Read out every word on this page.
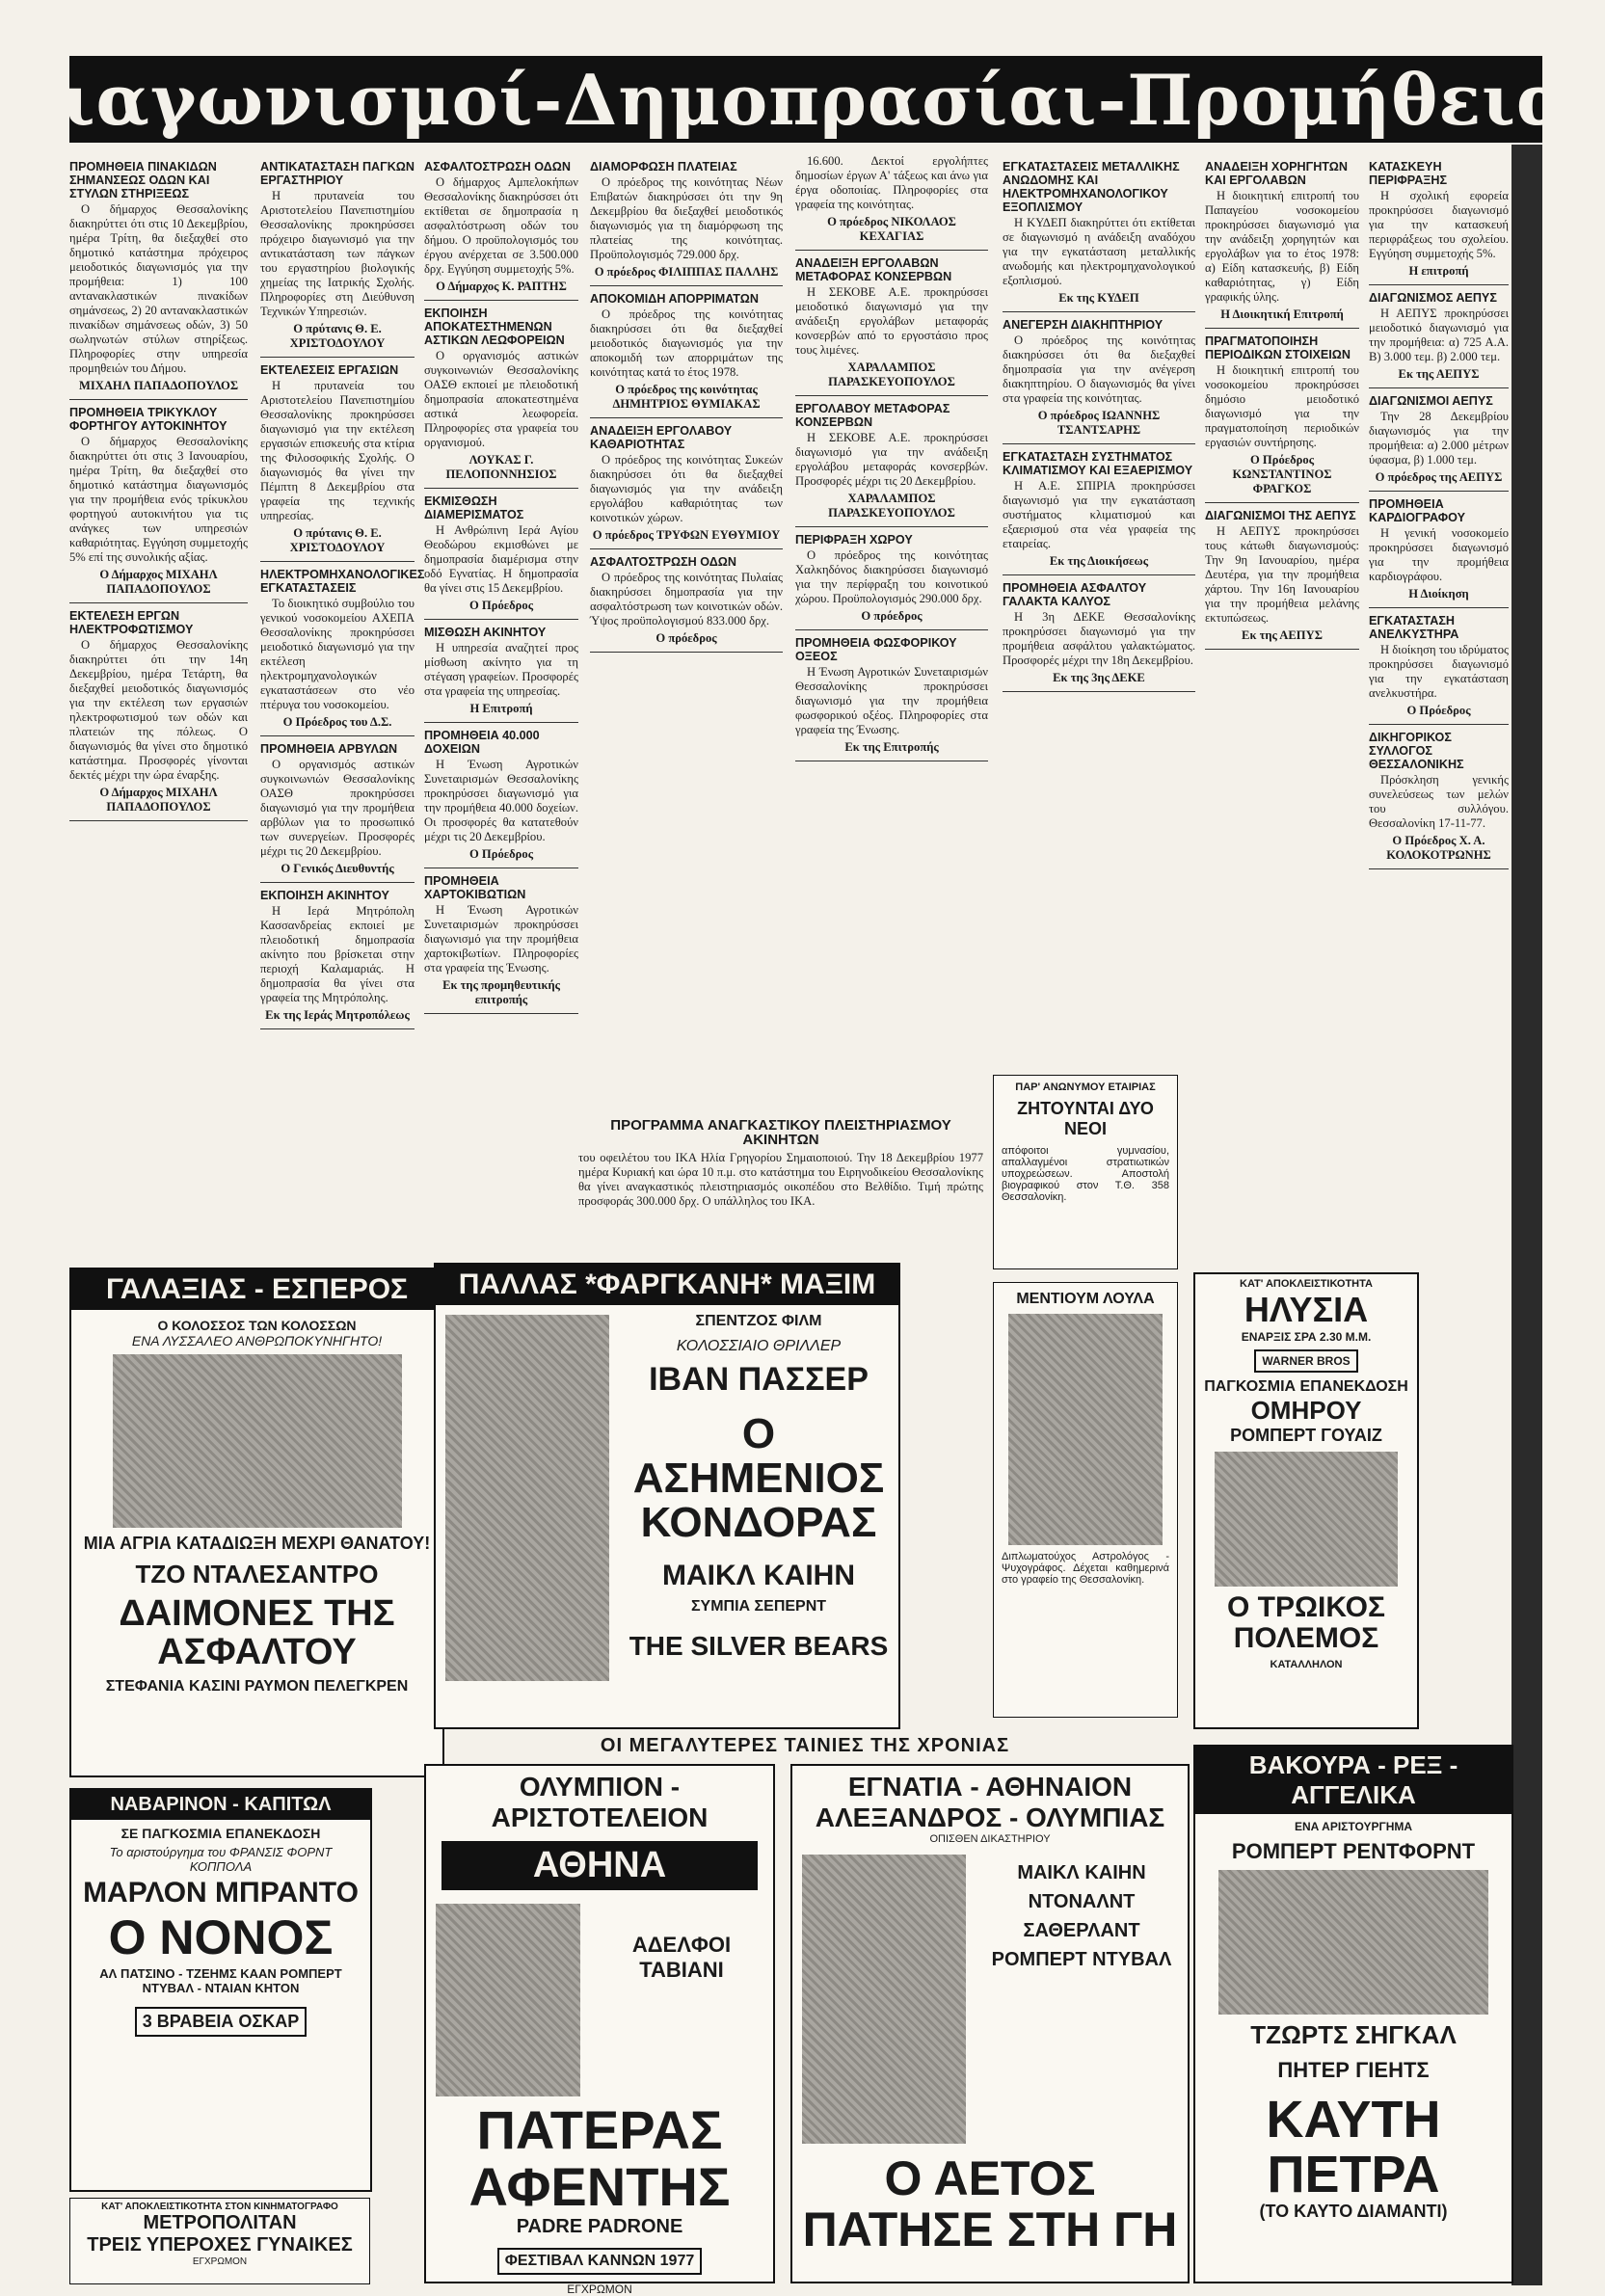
Διαγωνισμοί-Δημοπρασίαι-Προμήθειαι
ΠΡΟΜΗΘΕΙΑ ΠΙΝΑΚΙΔΩΝ ΣΗΜΑΝΣΕΩΣ ΟΔΩΝ ΚΑΙ ΣΤΥΛΩΝ ΣΤΗΡΙΞΕΩΣ

Ο δήμαρχος Θεσσαλονίκης διακηρύττει ότι στις 10 Δεκεμβρίου, ημέρα Τρίτη, θα διεξαχθεί στο δημοτικό κατάστημα πρόχειρος μειοδοτικός διαγωνισμός για την προμήθεια: 1) 100 αντανακλαστικών πινακίδων σημάνσεως, 2) 20 αντανακλαστικών πινακίδων σημάνσεως οδών, 3) 50 σωληνωτών στύλων στηρίξεως. Πληροφορίες στην υπηρεσία προμηθειών του Δήμου.

ΜΙΧΑΗΛ ΠΑΠΑΔΟΠΟΥΛΟΣ

ΠΡΟΜΗΘΕΙΑ ΤΡΙΚΥΚΛΟΥ ΦΟΡΤΗΓΟΥ ΑΥΤΟΚΙΝΗΤΟΥ

Ο δήμαρχος Θεσσαλονίκης διακηρύττει ότι στις 3 Ιανουαρίου, ημέρα Τρίτη, θα διεξαχθεί στο δημοτικό κατάστημα διαγωνισμός για την προμήθεια ενός τρίκυκλου φορτηγού αυτοκινήτου για τις ανάγκες των υπηρεσιών καθαριότητας. Εγγύηση συμμετοχής 5% επί της συνολικής αξίας.

Ο Δήμαρχος ΜΙΧΑΗΛ ΠΑΠΑΔΟΠΟΥΛΟΣ

ΕΚΤΕΛΕΣΗ ΕΡΓΩΝ ΗΛΕΚΤΡΟΦΩΤΙΣΜΟΥ

Ο δήμαρχος Θεσσαλονίκης διακηρύττει ότι την 14η Δεκεμβρίου, ημέρα Τετάρτη, θα διεξαχθεί μειοδοτικός διαγωνισμός για την εκτέλεση των εργασιών ηλεκτροφωτισμού των οδών και πλατειών της πόλεως. Ο διαγωνισμός θα γίνει στο δημοτικό κατάστημα. Προσφορές γίνονται δεκτές μέχρι την ώρα έναρξης.

Ο Δήμαρχος ΜΙΧΑΗΛ ΠΑΠΑΔΟΠΟΥΛΟΣ

ΑΝΤΙΚΑΤΑΣΤΑΣΗ ΠΑΓΚΩΝ ΕΡΓΑΣΤΗΡΙΟΥ

Η πρυτανεία του Αριστοτελείου Πανεπιστημίου Θεσσαλονίκης προκηρύσσει πρόχειρο διαγωνισμό για την αντικατάσταση των πάγκων του εργαστηρίου βιολογικής χημείας της Ιατρικής Σχολής. Πληροφορίες στη Διεύθυνση Τεχνικών Υπηρεσιών.

Ο πρύτανις Θ. Ε. ΧΡΙΣΤΟΔΟΥΛΟΥ

ΕΚΤΕΛΕΣΕΙΣ ΕΡΓΑΣΙΩΝ

Η πρυτανεία του Αριστοτελείου Πανεπιστημίου Θεσσαλονίκης προκηρύσσει διαγωνισμό για την εκτέλεση εργασιών επισκευής στα κτίρια της Φιλοσοφικής Σχολής. Ο διαγωνισμός θα γίνει την Πέμπτη 8 Δεκεμβρίου στα γραφεία της τεχνικής υπηρεσίας.

Ο πρύτανις Θ. Ε. ΧΡΙΣΤΟΔΟΥΛΟΥ

ΗΛΕΚΤΡΟΜΗΧΑΝΟΛΟΓΙΚΕΣ ΕΓΚΑΤΑΣΤΑΣΕΙΣ

Το διοικητικό συμβούλιο του γενικού νοσοκομείου ΑΧΕΠΑ Θεσσαλονίκης προκηρύσσει μειοδοτικό διαγωνισμό για την εκτέλεση ηλεκτρομηχανολογικών εγκαταστάσεων στο νέο πτέρυγα του νοσοκομείου.

Ο Πρόεδρος του Δ.Σ.

ΠΡΟΜΗΘΕΙΑ ΑΡΒΥΛΩΝ

Ο οργανισμός αστικών συγκοινωνιών Θεσσαλονίκης ΟΑΣΘ προκηρύσσει διαγωνισμό για την προμήθεια αρβύλων για το προσωπικό των συνεργείων. Προσφορές μέχρι τις 20 Δεκεμβρίου.

Ο Γενικός Διευθυντής

ΕΚΠΟΙΗΣΗ ΑΚΙΝΗΤΟΥ

Η Ιερά Μητρόπολη Κασσανδρείας εκποιεί με πλειοδοτική δημοπρασία ακίνητο που βρίσκεται στην περιοχή Καλαμαριάς. Η δημοπρασία θα γίνει στα γραφεία της Μητρόπολης.

Εκ της Ιεράς Μητροπόλεως

ΑΣΦΑΛΤΟΣΤΡΩΣΗ ΟΔΩΝ

Ο δήμαρχος Αμπελοκήπων Θεσσαλονίκης διακηρύσσει ότι εκτίθεται σε δημοπρασία η ασφαλτόστρωση οδών του δήμου. Ο προϋπολογισμός του έργου ανέρχεται σε 3.500.000 δρχ. Εγγύηση συμμετοχής 5%.

Ο Δήμαρχος Κ. ΡΑΠΤΗΣ

ΕΚΠΟΙΗΣΗ ΑΠΟΚΑΤΕΣΤΗΜΕΝΩΝ ΑΣΤΙΚΩΝ ΛΕΩΦΟΡΕΙΩΝ

Ο οργανισμός αστικών συγκοινωνιών Θεσσαλονίκης ΟΑΣΘ εκποιεί με πλειοδοτική δημοπρασία αποκατεστημένα αστικά λεωφορεία. Πληροφορίες στα γραφεία του οργανισμού.

ΛΟΥΚΑΣ Γ. ΠΕΛΟΠΟΝΝΗΣΙΟΣ

ΕΚΜΙΣΘΩΣΗ ΔΙΑΜΕΡΙΣΜΑΤΟΣ

Η Ανθρώπινη Ιερά Αγίου Θεοδώρου εκμισθώνει με δημοπρασία διαμέρισμα στην οδό Εγνατίας. Η δημοπρασία θα γίνει στις 15 Δεκεμβρίου.

Ο Πρόεδρος

ΜΙΣΘΩΣΗ ΑΚΙΝΗΤΟΥ

Η υπηρεσία αναζητεί προς μίσθωση ακίνητο για τη στέγαση γραφείων. Προσφορές στα γραφεία της υπηρεσίας.

Η Επιτροπή

ΠΡΟΜΗΘΕΙΑ 40.000 ΔΟΧΕΙΩΝ

Η Ένωση Αγροτικών Συνεταιρισμών Θεσσαλονίκης προκηρύσσει διαγωνισμό για την προμήθεια 40.000 δοχείων. Οι προσφορές θα κατατεθούν μέχρι τις 20 Δεκεμβρίου.

Ο Πρόεδρος

ΠΡΟΜΗΘΕΙΑ ΧΑΡΤΟΚΙΒΩΤΙΩΝ

Η Ένωση Αγροτικών Συνεταιρισμών προκηρύσσει διαγωνισμό για την προμήθεια χαρτοκιβωτίων. Πληροφορίες στα γραφεία της Ένωσης.

Εκ της προμηθευτικής επιτροπής

ΔΙΑΜΟΡΦΩΣΗ ΠΛΑΤΕΙΑΣ

Ο πρόεδρος της κοινότητας Νέων Επιβατών διακηρύσσει ότι την 9η Δεκεμβρίου θα διεξαχθεί μειοδοτικός διαγωνισμός για τη διαμόρφωση της πλατείας της κοινότητας. Προϋπολογισμός 729.000 δρχ.

Ο πρόεδρος ΦΙΛΙΠΠΑΣ ΠΑΛΛΗΣ

ΑΠΟΚΟΜΙΔΗ ΑΠΟΡΡΙΜΑΤΩΝ

Ο πρόεδρος της κοινότητας διακηρύσσει ότι θα διεξαχθεί μειοδοτικός διαγωνισμός για την αποκομιδή των απορριμάτων της κοινότητας κατά το έτος 1978.

Ο πρόεδρος της κοινότητας ΔΗΜΗΤΡΙΟΣ ΘΥΜΙΑΚΑΣ

ΑΝΑΔΕΙΞΗ ΕΡΓΟΛΑΒΟΥ ΚΑΘΑΡΙΟΤΗΤΑΣ

Ο πρόεδρος της κοινότητας Συκεών διακηρύσσει ότι θα διεξαχθεί διαγωνισμός για την ανάδειξη εργολάβου καθαριότητας των κοινοτικών χώρων.

Ο πρόεδρος ΤΡΥΦΩΝ ΕΥΘΥΜΙΟΥ

ΑΣΦΑΛΤΟΣΤΡΩΣΗ ΟΔΩΝ

Ο πρόεδρος της κοινότητας Πυλαίας διακηρύσσει δημοπρασία για την ασφαλτόστρωση των κοινοτικών οδών. Ύψος προϋπολογισμού 833.000 δρχ.

Ο πρόεδρος

16.600. Δεκτοί εργολήπτες δημοσίων έργων Α' τάξεως και άνω για έργα οδοποιίας. Πληροφορίες στα γραφεία της κοινότητας.

Ο πρόεδρος ΝΙΚΟΛΑΟΣ ΚΕΧΑΓΙΑΣ

ΑΝΑΔΕΙΞΗ ΕΡΓΟΛΑΒΩΝ ΜΕΤΑΦΟΡΑΣ ΚΟΝΣΕΡΒΩΝ

Η ΣΕΚΟΒΕ Α.Ε. προκηρύσσει μειοδοτικό διαγωνισμό για την ανάδειξη εργολάβων μεταφοράς κονσερβών από το εργοστάσιο προς τους λιμένες.

ΧΑΡΑΛΑΜΠΟΣ ΠΑΡΑΣΚΕΥΟΠΟΥΛΟΣ

ΕΡΓΟΛΑΒΟΥ ΜΕΤΑΦΟΡΑΣ ΚΟΝΣΕΡΒΩΝ

Η ΣΕΚΟΒΕ Α.Ε. προκηρύσσει διαγωνισμό για την ανάδειξη εργολάβου μεταφοράς κονσερβών. Προσφορές μέχρι τις 20 Δεκεμβρίου.

ΧΑΡΑΛΑΜΠΟΣ ΠΑΡΑΣΚΕΥΟΠΟΥΛΟΣ

ΠΕΡΙΦΡΑΞΗ ΧΩΡΟΥ

Ο πρόεδρος της κοινότητας Χαλκηδόνος διακηρύσσει διαγωνισμό για την περίφραξη του κοινοτικού χώρου. Προϋπολογισμός 290.000 δρχ.

Ο πρόεδρος

ΠΡΟΜΗΘΕΙΑ ΦΩΣΦΟΡΙΚΟΥ ΟΞΕΟΣ

Η Ένωση Αγροτικών Συνεταιρισμών Θεσσαλονίκης προκηρύσσει διαγωνισμό για την προμήθεια φωσφορικού οξέος. Πληροφορίες στα γραφεία της Ένωσης.

Εκ της Επιτροπής

ΕΓΚΑΤΑΣΤΑΣΕΙΣ ΜΕΤΑΛΛΙΚΗΣ ΑΝΩΔΟΜΗΣ ΚΑΙ ΗΛΕΚΤΡΟΜΗΧΑΝΟΛΟΓΙΚΟΥ ΕΞΟΠΛΙΣΜΟΥ

Η ΚΥΔΕΠ διακηρύττει ότι εκτίθεται σε διαγωνισμό η ανάδειξη αναδόχου για την εγκατάσταση μεταλλικής ανωδομής και ηλεκτρομηχανολογικού εξοπλισμού.

Εκ της ΚΥΔΕΠ

ΑΝΕΓΕΡΣΗ ΔΙΑΚΗΠΤΗΡΙΟΥ

Ο πρόεδρος της κοινότητας διακηρύσσει ότι θα διεξαχθεί δημοπρασία για την ανέγερση διακηπτηρίου. Ο διαγωνισμός θα γίνει στα γραφεία της κοινότητας.

Ο πρόεδρος ΙΩΑΝΝΗΣ ΤΣΑΝΤΣΑΡΗΣ

ΕΓΚΑΤΑΣΤΑΣΗ ΣΥΣΤΗΜΑΤΟΣ ΚΛΙΜΑΤΙΣΜΟΥ ΚΑΙ ΕΞΑΕΡΙΣΜΟΥ

Η Α.Ε. ΣΠΙΡΙΑ προκηρύσσει διαγωνισμό για την εγκατάσταση συστήματος κλιματισμού και εξαερισμού στα νέα γραφεία της εταιρείας.

Εκ της Διοικήσεως

ΠΡΟΜΗΘΕΙΑ ΑΣΦΑΛΤΟΥ ΓΑΛΑΚΤΑ ΚΑΛΥΟΣ

Η 3η ΔΕΚΕ Θεσσαλονίκης προκηρύσσει διαγωνισμό για την προμήθεια ασφάλτου γαλακτώματος. Προσφορές μέχρι την 18η Δεκεμβρίου.

Εκ της 3ης ΔΕΚΕ

ΑΝΑΔΕΙΞΗ ΧΟΡΗΓΗΤΩΝ ΚΑΙ ΕΡΓΟΛΑΒΩΝ

Η διοικητική επιτροπή του Παπαγείου νοσοκομείου προκηρύσσει διαγωνισμό για την ανάδειξη χορηγητών και εργολάβων για το έτος 1978: α) Είδη κατασκευής, β) Είδη καθαριότητας, γ) Είδη γραφικής ύλης.

Η Διοικητική Επιτροπή

ΠΡΑΓΜΑΤΟΠΟΙΗΣΗ ΠΕΡΙΟΔΙΚΩΝ ΣΤΟΙΧΕΙΩΝ

Η διοικητική επιτροπή του νοσοκομείου προκηρύσσει δημόσιο μειοδοτικό διαγωνισμό για την πραγματοποίηση περιοδικών εργασιών συντήρησης.

Ο Πρόεδρος ΚΩΝΣΤΑΝΤΙΝΟΣ ΦΡΑΓΚΟΣ

ΔΙΑΓΩΝΙΣΜΟΙ ΤΗΣ ΑΕΠΥΣ

Η ΑΕΠΥΣ προκηρύσσει τους κάτωθι διαγωνισμούς: Την 9η Ιανουαρίου, ημέρα Δευτέρα, για την προμήθεια χάρτου. Την 16η Ιανουαρίου για την προμήθεια μελάνης εκτυπώσεως.

Εκ της ΑΕΠΥΣ

ΚΑΤΑΣΚΕΥΗ ΠΕΡΙΦΡΑΞΗΣ

Η σχολική εφορεία προκηρύσσει διαγωνισμό για την κατασκευή περιφράξεως του σχολείου. Εγγύηση συμμετοχής 5%.

Η επιτροπή

ΔΙΑΓΩΝΙΣΜΟΣ ΑΕΠΥΣ

Η ΑΕΠΥΣ προκηρύσσει μειοδοτικό διαγωνισμό για την προμήθεια: α) 725 Α.Α. Β) 3.000 τεμ. β) 2.000 τεμ.

Εκ της ΑΕΠΥΣ

ΔΙΑΓΩΝΙΣΜΟΙ ΑΕΠΥΣ

Την 28 Δεκεμβρίου διαγωνισμός για την προμήθεια: α) 2.000 μέτρων ύφασμα, β) 1.000 τεμ.

Ο πρόεδρος της ΑΕΠΥΣ

ΠΡΟΜΗΘΕΙΑ ΚΑΡΔΙΟΓΡΑΦΟΥ

Η γενική νοσοκομείο προκηρύσσει διαγωνισμό για την προμήθεια καρδιογράφου.

Η Διοίκηση

ΕΓΚΑΤΑΣΤΑΣΗ ΑΝΕΛΚΥΣΤΗΡΑ

Η διοίκηση του ιδρύματος προκηρύσσει διαγωνισμό για την εγκατάσταση ανελκυστήρα.

Ο Πρόεδρος

ΔΙΚΗΓΟΡΙΚΟΣ ΣΥΛΛΟΓΟΣ ΘΕΣΣΑΛΟΝΙΚΗΣ

Πρόσκληση γενικής συνελεύσεως των μελών του συλλόγου. Θεσσαλονίκη 17-11-77.

Ο Πρόεδρος Χ. Α. ΚΟΛΟΚΟΤΡΩΝΗΣ

ΠΡΟΓΡΑΜΜΑ ΑΝΑΓΚΑΣΤΙΚΟΥ ΠΛΕΙΣΤΗΡΙΑΣΜΟΥ ΑΚΙΝΗΤΩΝ
του οφειλέτου του ΙΚΑ Ηλία Γρηγορίου Σημαιοποιού. Την 18 Δεκεμβρίου 1977 ημέρα Κυριακή και ώρα 10 π.μ. στο κατάστημα του Ειρηνοδικείου Θεσσαλονίκης θα γίνει αναγκαστικός πλειστηριασμός οικοπέδου στο Βελθίδιο. Τιμή πρώτης προσφοράς 300.000 δρχ. Ο υπάλληλος του ΙΚΑ.
ΓΑΛΑΞΙΑΣ - ΕΣΠΕΡΟΣ
Ο ΚΟΛΟΣΣΟΣ ΤΩΝ ΚΟΛΟΣΣΩΝ
ΕΝΑ ΛΥΣΣΑΛΕΟ ΑΝΘΡΩΠΟΚΥΝΗΓΗΤΟ!
ΜΙΑ ΑΓΡΙΑ ΚΑΤΑΔΙΩΞΗ ΜΕΧΡΙ ΘΑΝΑΤΟΥ!
ΤΖΟ ΝΤΑΛΕΣΑΝΤΡΟ
ΔΑΙΜΟΝΕΣ ΤΗΣ ΑΣΦΑΛΤΟΥ
ΣΤΕΦΑΝΙΑ ΚΑΣΙΝΙ ΡΑΥΜΟΝ ΠΕΛΕΓΚΡΕΝ
ΝΑΒΑΡΙΝΟΝ - ΚΑΠΙΤΩΛ
ΣΕ ΠΑΓΚΟΣΜΙΑ ΕΠΑΝΕΚΔΟΣΗ
Το αριστούργημα του ΦΡΑΝΣΙΣ ΦΟΡΝΤ ΚΟΠΠΟΛΑ
ΜΑΡΛΟΝ ΜΠΡΑΝΤΟ
Ο ΝΟΝΟΣ
ΑΛ ΠΑΤΣΙΝΟ - ΤΖΕΗΜΣ ΚΑΑΝ ΡΟΜΠΕΡΤ ΝΤΥΒΑΛ - ΝΤΑΙΑΝ ΚΗΤΟΝ
3 ΒΡΑΒΕΙΑ ΟΣΚΑΡ
ΚΑΤ' ΑΠΟΚΛΕΙΣΤΙΚΟΤΗΤΑ ΣΤΟΝ ΚΙΝΗΜΑΤΟΓΡΑΦΟ
ΜΕΤΡΟΠΟΛΙΤΑΝ
ΤΡΕΙΣ ΥΠΕΡΟΧΕΣ ΓΥΝΑΙΚΕΣ
ΕΓΧΡΩΜΟΝ
ΠΑΛΛΑΣ *ΦΑΡΓΚΑΝΗ* ΜΑΞΙΜ
ΣΠΕΝΤΖΟΣ ΦΙΛΜ
ΚΟΛΟΣΣΙΑΙΟ ΘΡΙΛΛΕΡ
ΙΒΑΝ ΠΑΣΣΕΡ
Ο ΑΣΗΜΕΝΙΟΣ ΚΟΝΔΟΡΑΣ
ΜΑΙΚΛ ΚΑΙΗΝ
ΣΥΜΠΙΑ ΣΕΠΕΡΝΤ
THE SILVER BEARS
ΠΑΡ' ΑΝΩΝΥΜΟΥ ΕΤΑΙΡΙΑΣ
ΖΗΤΟΥΝΤΑΙ ΔΥΟ ΝΕΟΙ
απόφοιτοι γυμνασίου, απαλλαγμένοι στρατιωτικών υποχρεώσεων. Αποστολή βιογραφικού στον Τ.Θ. 358 Θεσσαλονίκη.
ΜΕΝΤΙΟΥΜ ΛΟΥΛΑ
Διπλωματούχος Αστρολόγος - Ψυχογράφος. Δέχεται καθημερινά στο γραφείο της Θεσσαλονίκη.
ΚΑΤ' ΑΠΟΚΛΕΙΣΤΙΚΟΤΗΤΑ
ΗΛΥΣΙΑ
ΕΝΑΡΞΙΣ ΣΡΑ 2.30 Μ.Μ.
WARNER BROS
ΠΑΓΚΟΣΜΙΑ ΕΠΑΝΕΚΔΟΣΗ
ΟΜΗΡΟΥ
ΡΟΜΠΕΡΤ ΓΟΥΑΙΖ
Ο ΤΡΩΙΚΟΣ ΠΟΛΕΜΟΣ
ΚΑΤΑΛΛΗΛΟΝ
ΟΙ ΜΕΓΑΛΥΤΕΡΕΣ ΤΑΙΝΙΕΣ ΤΗΣ ΧΡΟΝΙΑΣ
ΟΛΥΜΠΙΟΝ - ΑΡΙΣΤΟΤΕΛΕΙΟΝ
ΑΘΗΝΑ
ΑΔΕΛΦΟΙ ΤΑΒΙΑΝΙ
ΠΑΤΕΡΑΣ ΑΦΕΝΤΗΣ
PADRE PADRONE
ΦΕΣΤΙΒΑΛ ΚΑΝΝΩΝ 1977
ΕΓΧΡΩΜΟΝ
ΕΓΝΑΤΙΑ - ΑΘΗΝΑΙΟΝ
ΑΛΕΞΑΝΔΡΟΣ - ΟΛΥΜΠΙΑΣ
ΟΠΙΣΘΕΝ ΔΙΚΑΣΤΗΡΙΟΥ
ΜΑΙΚΛ ΚΑΙΗΝ ΝΤΟΝΑΛΝΤ ΣΑΘΕΡΛΑΝΤ ΡΟΜΠΕΡΤ ΝΤΥΒΑΛ
Ο ΑΕΤΟΣ ΠΑΤΗΣΕ ΣΤΗ ΓΗ
ΒΑΚΟΥΡΑ - ΡΕΞ - ΑΓΓΕΛΙΚΑ
ΕΝΑ ΑΡΙΣΤΟΥΡΓΗΜΑ
ΡΟΜΠΕΡΤ ΡΕΝΤΦΟΡΝΤ
ΤΖΩΡΤΣ ΣΗΓΚΑΛ
ΠΗΤΕΡ ΓΙΕΗΤΣ
ΚΑΥΤΗ ΠΕΤΡΑ
(ΤΟ ΚΑΥΤΟ ΔΙΑΜΑΝΤΙ)
